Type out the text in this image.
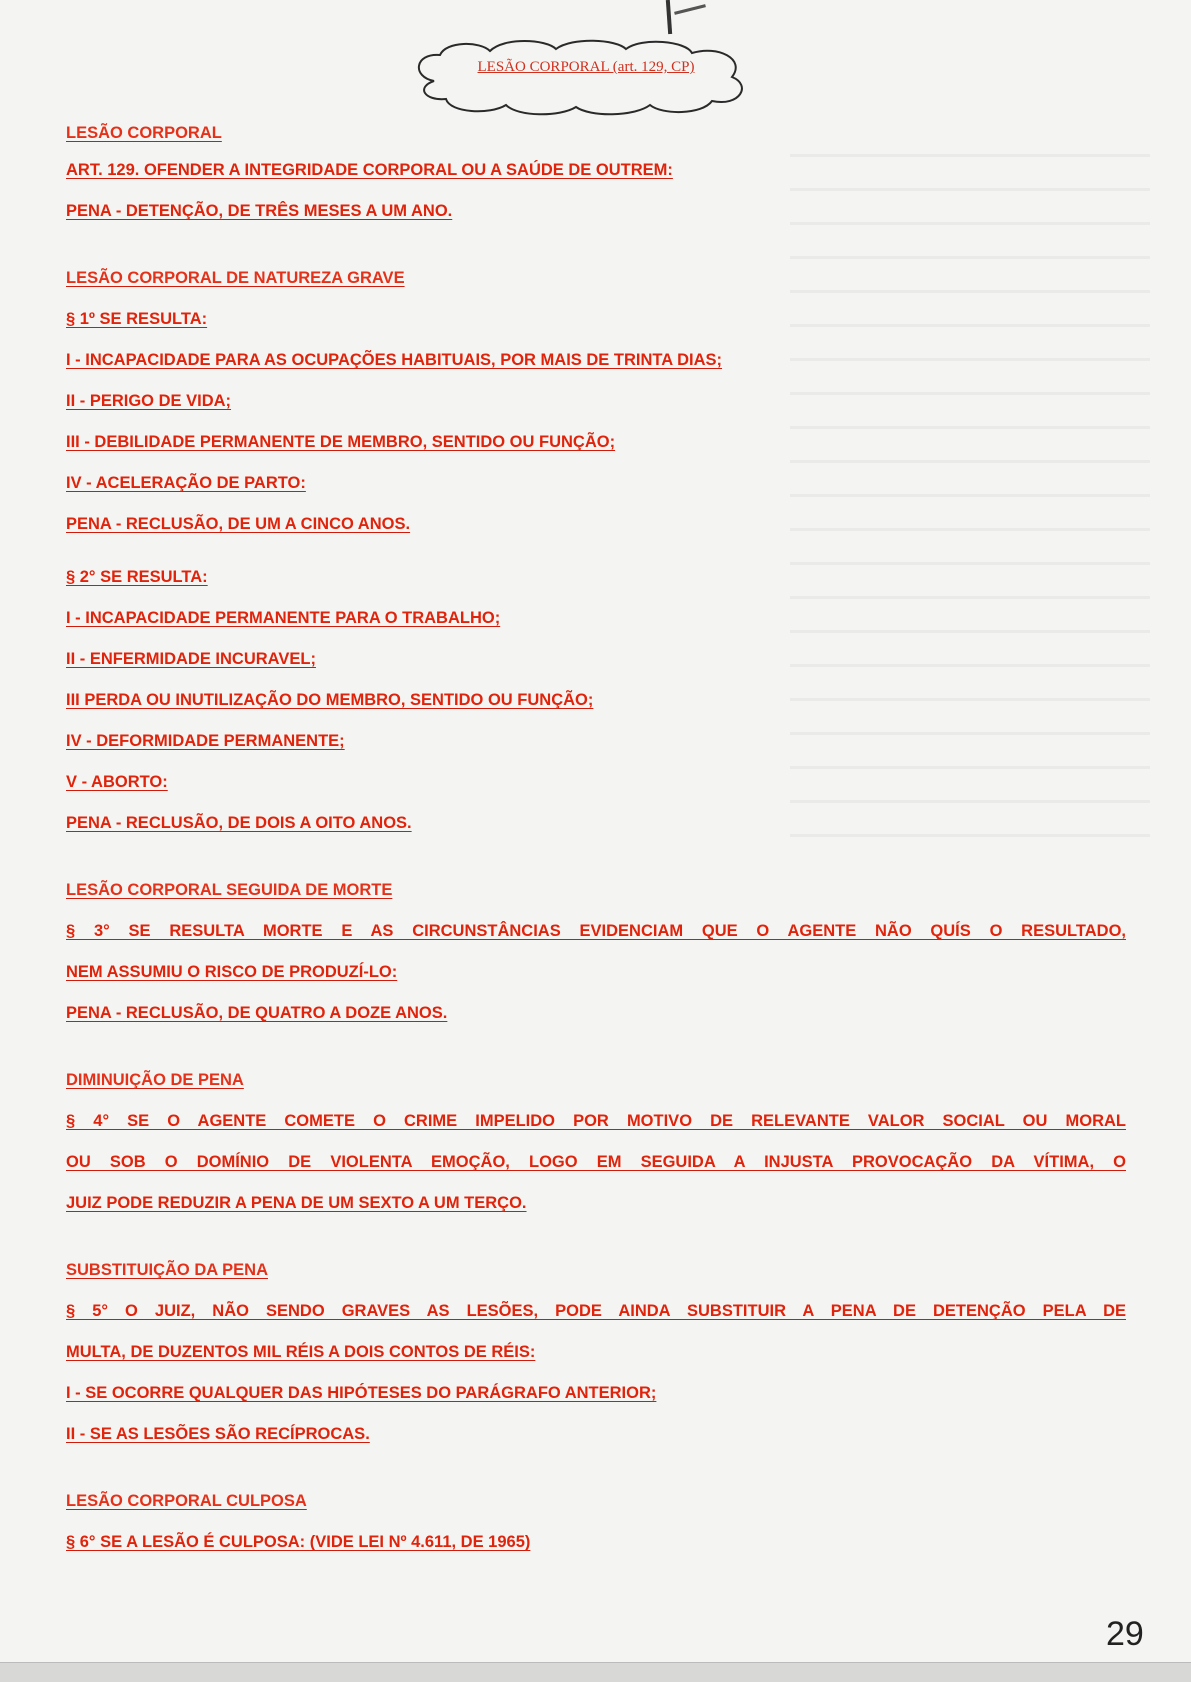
LESÃO CORPORAL (art. 129, CP)
LESÃO CORPORAL
ART. 129. OFENDER A INTEGRIDADE CORPORAL OU A SAÚDE DE OUTREM:
PENA - DETENÇÃO, DE TRÊS MESES A UM ANO.
LESÃO CORPORAL DE NATUREZA GRAVE
§ 1º SE RESULTA:
I - INCAPACIDADE PARA AS OCUPAÇÕES HABITUAIS, POR MAIS DE TRINTA DIAS;
II - PERIGO DE VIDA;
III - DEBILIDADE PERMANENTE DE MEMBRO, SENTIDO OU FUNÇÃO;
IV - ACELERAÇÃO DE PARTO:
PENA - RECLUSÃO, DE UM A CINCO ANOS.
§ 2° SE RESULTA:
I - INCAPACIDADE PERMANENTE PARA O TRABALHO;
II - ENFERMIDADE INCURAVEL;
III PERDA OU INUTILIZAÇÃO DO MEMBRO, SENTIDO OU FUNÇÃO;
IV - DEFORMIDADE PERMANENTE;
V - ABORTO:
PENA - RECLUSÃO, DE DOIS A OITO ANOS.
LESÃO CORPORAL SEGUIDA DE MORTE
§ 3° SE RESULTA MORTE E AS CIRCUNSTÂNCIAS EVIDENCIAM QUE O AGENTE NÃO QUÍS O RESULTADO,
NEM ASSUMIU O RISCO DE PRODUZÍ-LO:
PENA - RECLUSÃO, DE QUATRO A DOZE ANOS.
DIMINUIÇÃO DE PENA
§ 4° SE O AGENTE COMETE O CRIME IMPELIDO POR MOTIVO DE RELEVANTE VALOR SOCIAL OU MORAL
OU SOB O DOMÍNIO DE VIOLENTA EMOÇÃO, LOGO EM SEGUIDA A INJUSTA PROVOCAÇÃO DA VÍTIMA, O
JUIZ PODE REDUZIR A PENA DE UM SEXTO A UM TERÇO.
SUBSTITUIÇÃO DA PENA
§ 5° O JUIZ, NÃO SENDO GRAVES AS LESÕES, PODE AINDA SUBSTITUIR A PENA DE DETENÇÃO PELA DE
MULTA, DE DUZENTOS MIL RÉIS A DOIS CONTOS DE RÉIS:
I - SE OCORRE QUALQUER DAS HIPÓTESES DO PARÁGRAFO ANTERIOR;
II - SE AS LESÕES SÃO RECÍPROCAS.
LESÃO CORPORAL CULPOSA
§ 6° SE A LESÃO É CULPOSA: (VIDE LEI Nº 4.611, DE 1965)
29
